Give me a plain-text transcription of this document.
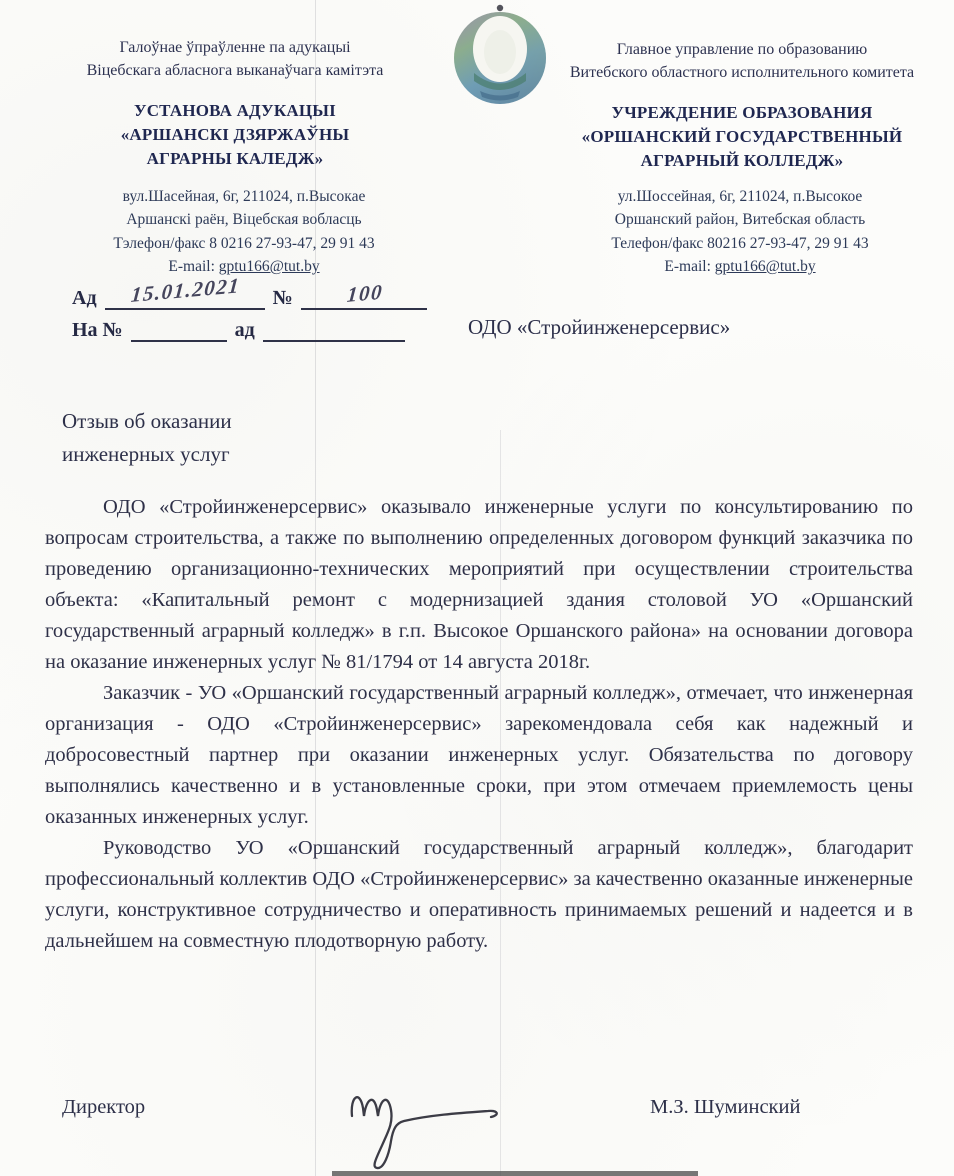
Галоўнае ўпраўленне па адукацыі
Віцебскага абласнога выканаўчага камітэта
Главное управление по образованию
Витебского областного исполнительного комитета
УСТАНОВА АДУКАЦЫІ
«АРШАНСКІ ДЗЯРЖАЎНЫ
АГРАРНЫ КАЛЕДЖ»
УЧРЕЖДЕНИЕ ОБРАЗОВАНИЯ
«ОРШАНСКИЙ ГОСУДАРСТВЕННЫЙ
АГРАРНЫЙ КОЛЛЕДЖ»
вул.Шасейная, 6г, 211024, п.Высокае
Аршанскі раён, Віцебская вобласць
Тэлефон/факс 8 0216 27-93-47, 29 91 43
E-mail: gptu166@tut.by
ул.Шоссейная, 6г, 211024, п.Высокое
Оршанский район, Витебская область
Телефон/факс 80216 27-93-47, 29 91 43
E-mail: gptu166@tut.by
Ад 15.01.2021 №	100
На №	ад	ОДО «Стройинженерсервис»
Отзыв об оказании
инженерных услуг

ОДО «Стройинженерсервис» оказывало инженерные услуги по консультированию по вопросам строительства, а также по выполнению определенных договором функций заказчика по проведению организационно-технических мероприятий при осуществлении строительства объекта: «Капитальный ремонт с модернизацией здания столовой УО «Оршанский государственный аграрный колледж» в г.п. Высокое Оршанского района» на основании договора на оказание инженерных услуг № 81/1794 от 14 августа 2018г.

Заказчик - УО «Оршанский государственный аграрный колледж», отмечает, что инженерная организация - ОДО «Стройинженерсервис» зарекомендовала себя как надежный и добросовестный партнер при оказании инженерных услуг. Обязательства по договору выполнялись качественно и в установленные сроки, при этом отмечаем приемлемость цены оказанных инженерных услуг.

Руководство УО «Оршанский государственный аграрный колледж», благодарит профессиональный коллектив ОДО «Стройинженерсервис» за качественно оказанные инженерные услуги, конструктивное сотрудничество и оперативность принимаемых решений и надеется и в дальнейшем на совместную плодотворную работу.

Директор	М.З. Шуминский
